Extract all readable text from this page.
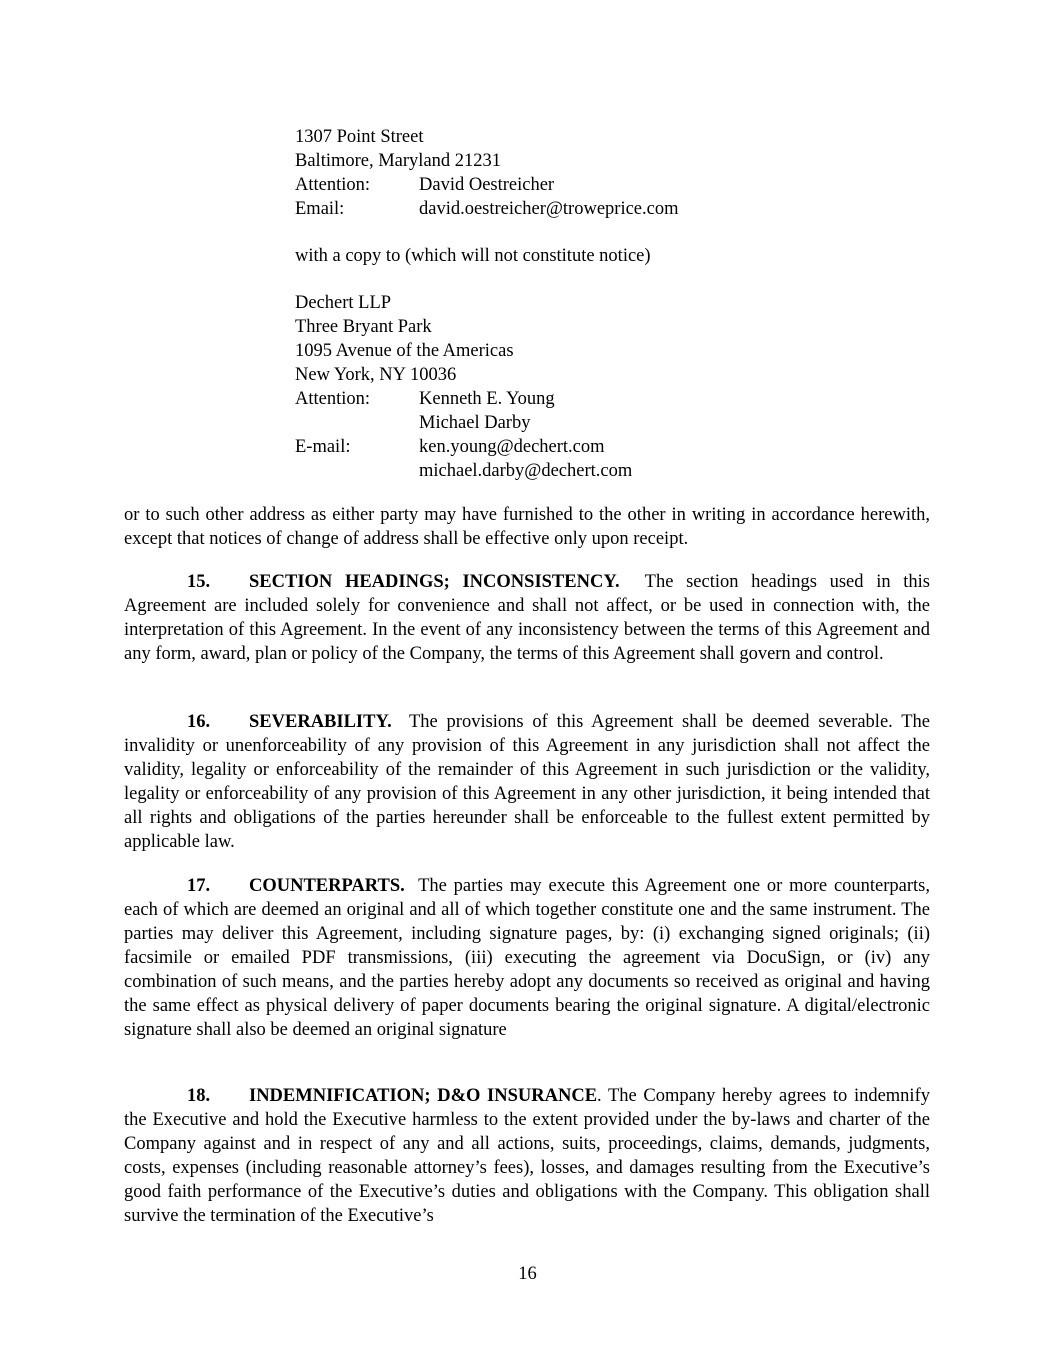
1307 Point Street
Baltimore, Maryland 21231
Attention:	David Oestreicher
Email:	david.oestreicher@troweprice.com
with a copy to (which will not constitute notice)
Dechert LLP
Three Bryant Park
1095 Avenue of the Americas
New York, NY 10036
Attention:	Kenneth E. Young
Michael Darby
E-mail:	ken.young@dechert.com
michael.darby@dechert.com

or to such other address as either party may have furnished to the other in writing in accordance herewith, except that notices of change of address shall be effective only upon receipt.

15. SECTION HEADINGS; INCONSISTENCY. The section headings used in this Agreement are included solely for convenience and shall not affect, or be used in connection with, the interpretation of this Agreement. In the event of any inconsistency between the terms of this Agreement and any form, award, plan or policy of the Company, the terms of this Agreement shall govern and control.

16. SEVERABILITY. The provisions of this Agreement shall be deemed severable. The invalidity or unenforceability of any provision of this Agreement in any jurisdiction shall not affect the validity, legality or enforceability of the remainder of this Agreement in such jurisdiction or the validity, legality or enforceability of any provision of this Agreement in any other jurisdiction, it being intended that all rights and obligations of the parties hereunder shall be enforceable to the fullest extent permitted by applicable law.

17. COUNTERPARTS. The parties may execute this Agreement one or more counterparts, each of which are deemed an original and all of which together constitute one and the same instrument. The parties may deliver this Agreement, including signature pages, by: (i) exchanging signed originals; (ii) facsimile or emailed PDF transmissions, (iii) executing the agreement via DocuSign, or (iv) any combination of such means, and the parties hereby adopt any documents so received as original and having the same effect as physical delivery of paper documents bearing the original signature. A digital/electronic signature shall also be deemed an original signature

18. INDEMNIFICATION; D&O INSURANCE. The Company hereby agrees to indemnify the Executive and hold the Executive harmless to the extent provided under the by-laws and charter of the Company against and in respect of any and all actions, suits, proceedings, claims, demands, judgments, costs, expenses (including reasonable attorney’s fees), losses, and damages resulting from the Executive’s good faith performance of the Executive’s duties and obligations with the Company. This obligation shall survive the termination of the Executive’s

16
